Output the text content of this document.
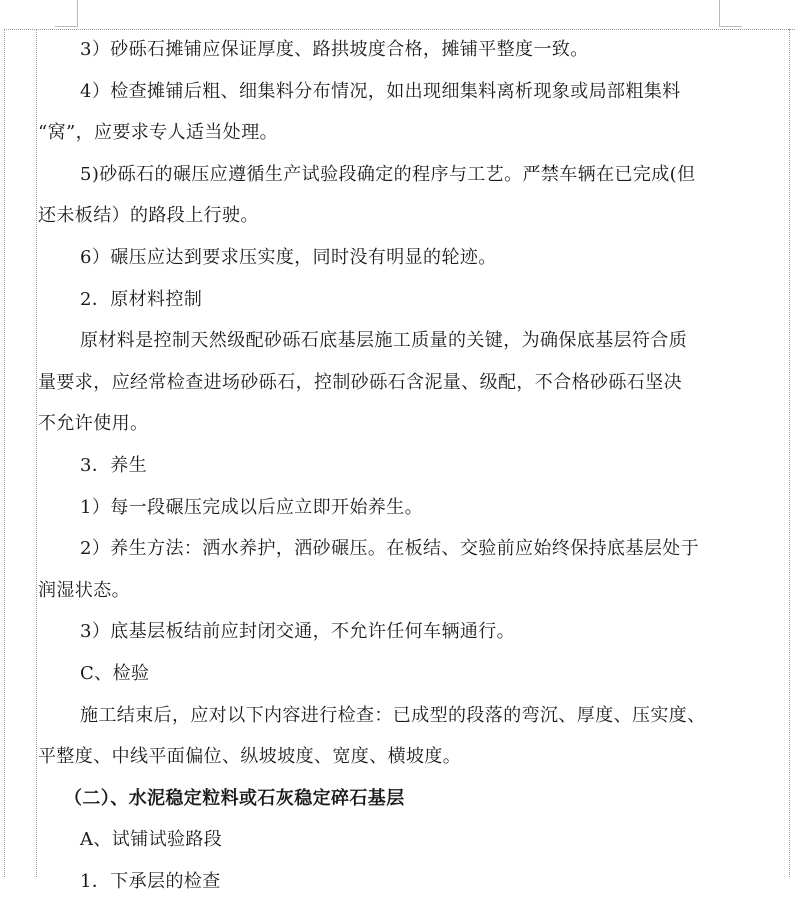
3）砂砾石摊铺应保证厚度、路拱坡度合格，摊铺平整度一致。

4）检查摊铺后粗、细集料分布情况，如出现细集料离析现象或局部粗集料

“窝”，应要求专人适当处理。

5)砂砾石的碾压应遵循生产试验段确定的程序与工艺。严禁车辆在已完成(但

还未板结）的路段上行驶。

6）碾压应达到要求压实度，同时没有明显的轮迹。

2．原材料控制

原材料是控制天然级配砂砾石底基层施工质量的关键，为确保底基层符合质

量要求，应经常检查进场砂砾石，控制砂砾石含泥量、级配，不合格砂砾石坚决

不允许使用。

3．养生

1）每一段碾压完成以后应立即开始养生。

2）养生方法：洒水养护，洒砂碾压。在板结、交验前应始终保持底基层处于

润湿状态。

3）底基层板结前应封闭交通，不允许任何车辆通行。

C、检验

施工结束后，应对以下内容进行检查：已成型的段落的弯沉、厚度、压实度、

平整度、中线平面偏位、纵坡坡度、宽度、横坡度。

（二）、水泥稳定粒料或石灰稳定碎石基层

A、试铺试验路段

1．下承层的检查
